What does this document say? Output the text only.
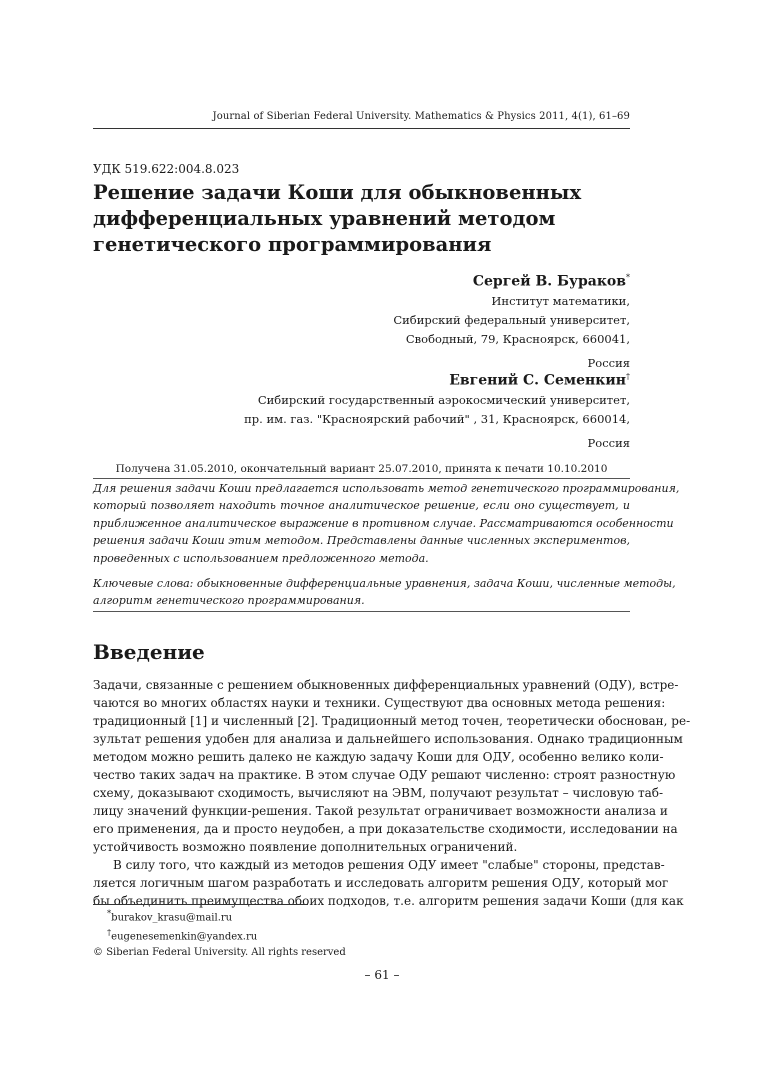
Journal of Siberian Federal University. Mathematics & Physics 2011, 4(1), 61–69
УДК 519.622:004.8.023
Решение задачи Коши для обыкновенных
дифференциальных уравнений методом
генетического программирования
Сергей В. Бураков*
Институт математики,
Сибирский федеральный университет,
Свободный, 79, Красноярск, 660041,
Россия
Евгений С. Семенкин†
Сибирский государственный аэрокосмический университет,
пр. им. газ. "Красноярский рабочий" , 31, Красноярск, 660014,
Россия
Получена 31.05.2010, окончательный вариант 25.07.2010, принята к печати 10.10.2010
Для решения задачи Коши предлагается использовать метод генетического программирования,
который позволяет находить точное аналитическое решение, если оно существует, и
приближенное аналитическое выражение в противном случае. Рассматриваются особенности
решения задачи Коши этим методом. Представлены данные численных экспериментов,
проведенных с использованием предложенного метода.
Ключевые слова: обыкновенные дифференциальные уравнения, задача Коши, численные методы,
алгоритм генетического программирования.
Введение
Задачи, связанные с решением обыкновенных дифференциальных уравнений (ОДУ), встре-
чаются во многих областях науки и техники. Существуют два основных метода решения:
традиционный [1] и численный [2]. Традиционный метод точен, теоретически обоснован, ре-
зультат решения удобен для анализа и дальнейшего использования. Однако традиционным
методом можно решить далеко не каждую задачу Коши для ОДУ, особенно велико коли-
чество таких задач на практике. В этом случае ОДУ решают численно: строят разностную
схему, доказывают сходимость, вычисляют на ЭВМ, получают результат – числовую таб-
лицу значений функции-решения. Такой результат ограничивает возможности анализа и
его применения, да и просто неудобен, а при доказательстве сходимости, исследовании на
устойчивость возможно появление дополнительных ограничений.
В силу того, что каждый из методов решения ОДУ имеет "слабые" стороны, представ-
ляется логичным шагом разработать и исследовать алгоритм решения ОДУ, который мог
бы объединить преимущества обоих подходов, т.е. алгоритм решения задачи Коши (для как
*burakov_krasu@mail.ru
†eugenesemenkin@yandex.ru
© Siberian Federal University. All rights reserved
– 61 –
